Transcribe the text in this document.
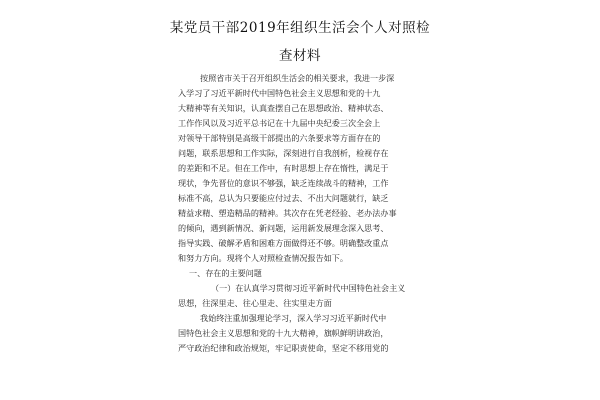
某党员干部2019年组织生活会个人对照检
查材料
按照省市关于召开组织生活会的相关要求，我进一步深
入学习了习近平新时代中国特色社会主义思想和党的十九
大精神等有关知识，认真查摆自己在思想政治、精神状态、
工作作风以及习近平总书记在十九届中央纪委三次全会上
对领导干部特别是高级干部提出的六条要求等方面存在的
问题，联系思想和工作实际，深刻进行自我剖析，检视存在
的差距和不足。但在工作中，有时思想上存在惰性，满足于
现状，争先晋位的意识不够强，缺乏连续战斗的精神，工作
标准不高，总认为只要能应付过去、不出大问题就行，缺乏
精益求精、塑造精品的精神。其次存在凭老经验、老办法办事
的倾向，遇到新情况、新问题，运用新发展理念深入思考、
指导实践、破解矛盾和困难方面做得还不够。明确整改重点
和努力方向。现将个人对照检查情况报告如下。
一、存在的主要问题
（一）在认真学习贯彻习近平新时代中国特色社会主义
思想，往深里走、往心里走、往实里走方面
我始终注重加强理论学习，深入学习习近平新时代中
国特色社会主义思想和党的十九大精神，旗帜鲜明讲政治，
严守政治纪律和政治规矩，牢记职责使命，坚定不移用党的
